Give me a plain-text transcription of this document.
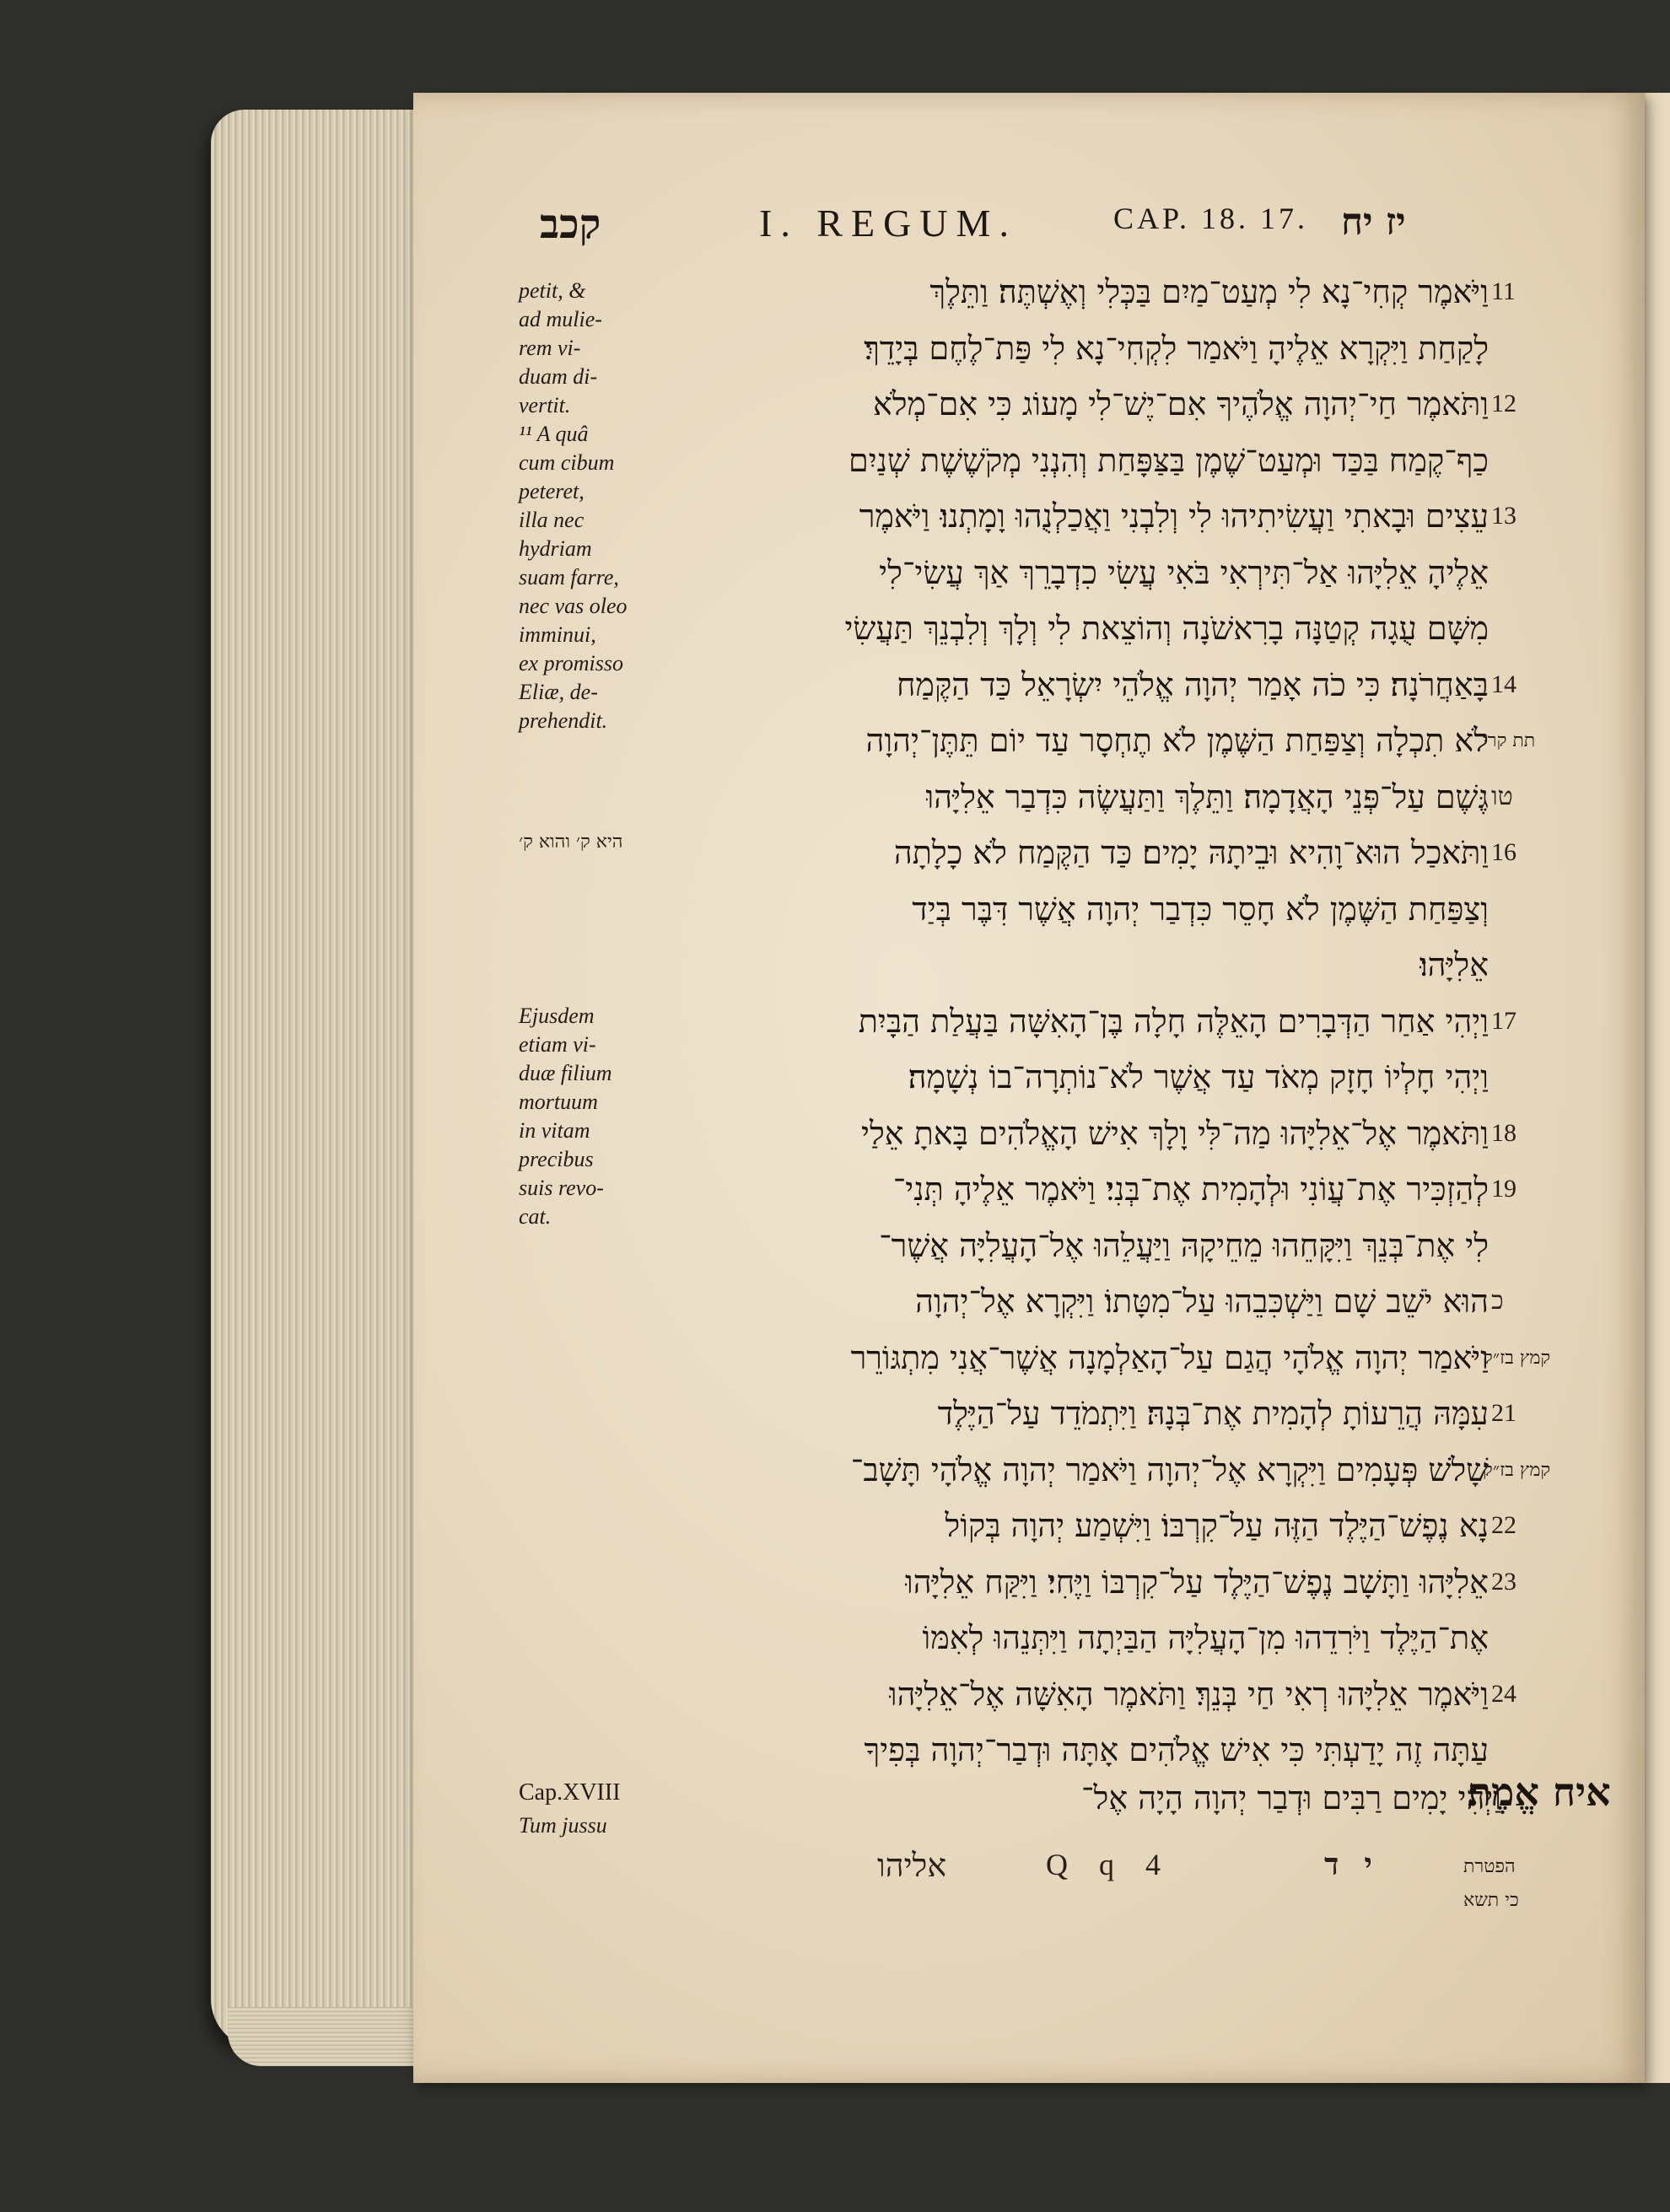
קכב	I. REGUM.	CAP. 18. 17. יז יח
petit, &
ad mulie-
rem vi-
duam di-
vertit.
¹¹ A quâ
cum cibum
peteret,
illa nec
hydriam
suam farre,
nec vas oleo
imminui,
ex promisso
Eliæ, de-
prehendit.
היא ק׳ והוא ק׳
Ejusdem
etiam vi-
duæ filium
mortuum
in vitam
precibus
suis revo-
cat.
וַיֹּאמֶר קְחִי־נָא לִי מְעַט־מַיִם בַּכְּלִי וְאֶשְׁתֶּה׃ וַתֵּלֶךְ 11
לָקַחַת וַיִּקְרָא אֵלֶיהָ וַיֹּאמַר לִקְחִי־נָא לִי פַּת־לֶחֶם בְּיָדֵךְ׃
וַתֹּאמֶר חַי־יְהוָה אֱלֹהֶיךָ אִם־יֶשׁ־לִי מָעוֹג כִּי אִם־מְלֹא 12
כַף־קֶמַח בַּכַּד וּמְעַט־שֶׁמֶן בַּצַּפָּחַת וְהִנְנִי מְקֹשֶׁשֶׁת שְׁנַיִם
עֵצִים וּבָאתִי וַעֲשִׂיתִיהוּ לִי וְלִבְנִי וַאֲכַלְנֻהוּ וָמָתְנוּ׃ וַיֹּאמֶר 13
אֵלֶיהָ אֵלִיָּהוּ אַל־תִּירְאִי בֹּאִי עֲשִׂי כִדְבָרֵךְ אַךְ עֲשִׂי־לִי
מִשָּׁם עֻגָה קְטַנָּה בָרִאשֹׁנָה וְהוֹצֵאת לִי וְלָךְ וְלִבְנֵךְ תַּעֲשִׂי
בָּאַחֲרֹנָה׃ כִּי כֹה אָמַר יְהוָה אֱלֹהֵי יִשְׂרָאֵל כַּד הַקֶּמַח 14
לֹא תִכְלָה וְצַפַּחַת הַשֶּׁמֶן לֹא תֶחְסָר עַד יוֹם תֵּתֶּן־יְהוָה
תת קרי
גֶּשֶׁם עַל־פְּנֵי הָאֲדָמָה׃ וַתֵּלֶךְ וַתַּעֲשֶׂה כִּדְבַר אֵלִיָּהוּ טו
וַתֹּאכַל הוּא־וָהִיא וּבֵיתָהּ יָמִים׃ כַּד הַקֶּמַח לֹא כָלָתָה 16
וְצַפַּחַת הַשֶּׁמֶן לֹא חָסֵר כִּדְבַר יְהוָה אֲשֶׁר דִּבֶּר בְּיַד
אֵלִיָּהוּ׃
וַיְהִי אַחַר הַדְּבָרִים הָאֵלֶּה חָלָה בֶּן־הָאִשָּׁה בַּעֲלַת הַבָּיִת 17
וַיְהִי חָלְיוֹ חָזָק מְאֹד עַד אֲשֶׁר לֹא־נוֹתְרָה־בוֹ נְשָׁמָה׃
וַתֹּאמֶר אֶל־אֵלִיָּהוּ מַה־לִּי וָלָךְ אִישׁ הָאֱלֹהִים בָּאתָ אֵלַי 18
לְהַזְכִּיר אֶת־עֲוֹנִי וּלְהָמִית אֶת־בְּנִי׃ וַיֹּאמֶר אֵלֶיהָ תְּנִי־ 19
לִי אֶת־בְּנֵךְ וַיִּקָּחֵהוּ מֵחֵיקָהּ וַיַּעֲלֵהוּ אֶל־הָעֲלִיָּה אֲשֶׁר־
הוּא יֹשֵׁב שָׁם וַיַּשְׁכִּבֵהוּ עַל־מִטָּתוֹ׃ וַיִּקְרָא אֶל־יְהוָה כ
וַיֹּאמַר יְהוָה אֱלֹהָי הֲגַם עַל־הָאַלְמָנָה אֲשֶׁר־אֲנִי מִתְגּוֹרֵר
קמץ בז״ק
עִמָּהּ הֲרֵעוֹתָ לְהָמִית אֶת־בְּנָהּ׃ וַיִּתְמֹדֵד עַל־הַיֶּלֶד 21
שָׁלֹשׁ פְּעָמִים וַיִּקְרָא אֶל־יְהוָה וַיֹּאמַר יְהוָה אֱלֹהָי תָּשָׁב־
קמץ בז״ק
נָא נֶפֶשׁ־הַיֶּלֶד הַזֶּה עַל־קִרְבּוֹ׃ וַיִּשְׁמַע יְהוָה בְּקוֹל 22
אֵלִיָּהוּ וַתָּשָׁב נֶפֶשׁ־הַיֶּלֶד עַל־קִרְבּוֹ וַיֶּחִי׃ וַיִּקַּח אֵלִיָּהוּ 23
אֶת־הַיֶּלֶד וַיֹּרִדֵהוּ מִן־הָעֲלִיָּה הַבַּיְתָה וַיִּתְּנֵהוּ לְאִמּוֹ
וַיֹּאמֶר אֵלִיָּהוּ רְאִי חַי בְּנֵךְ׃ וַתֹּאמֶר הָאִשָּׁה אֶל־אֵלִיָּהוּ 24
עַתָּה זֶה יָדַעְתִּי כִּי אִישׁ אֱלֹהִים אָתָּה וּדְבַר־יְהוָה בְּפִיךָ
Cap.XVIII
Tum jussu
וַיְהִי יָמִים רַבִּים וּדְבַר יְהוָה הָיָה אֶל־
איח אֱמֶת׃
אליהו	Q q 4	יד	הפטרת
כי תשא
